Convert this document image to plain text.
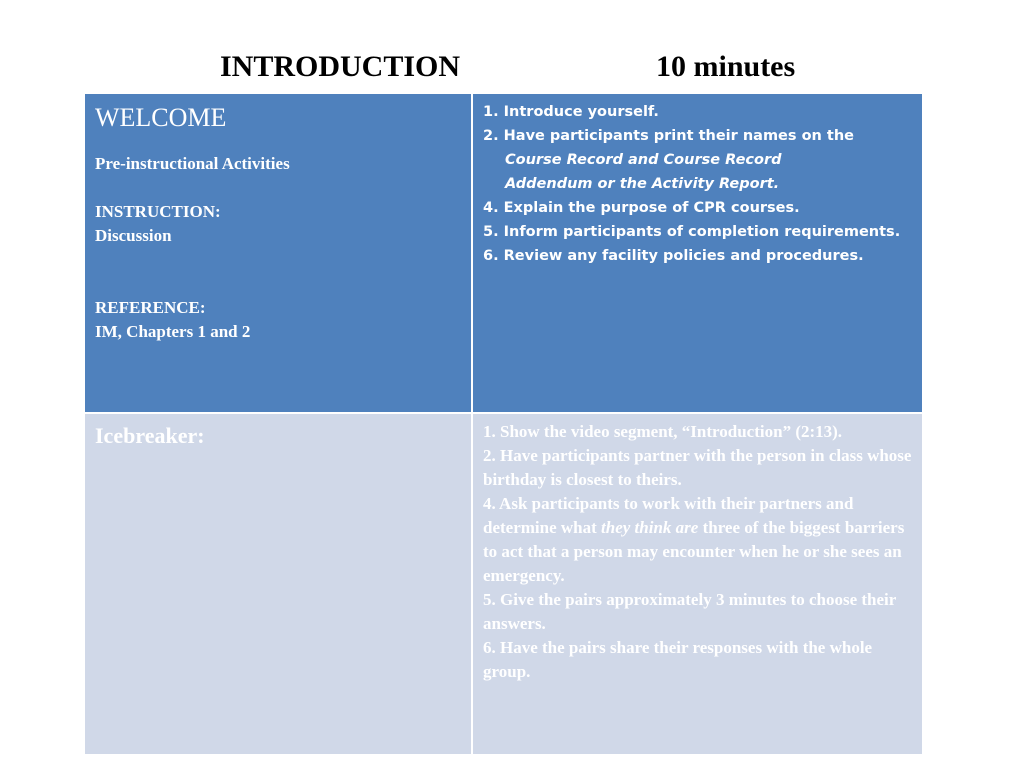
INTRODUCTION	10 minutes

WELCOME

Pre-instructional Activities

INSTRUCTION:

Discussion

REFERENCE:

IM, Chapters 1 and 2

1. Introduce yourself.

2. Have participants print their names on the

Course Record and Course Record

Addendum or the Activity Report.

4. Explain the purpose of CPR courses.

5. Inform participants of completion requirements.

6. Review any facility policies and procedures.

Icebreaker:	1. Show the video segment, “Introduction” (2:13).

2. Have participants partner with the person in class whose birthday is closest to theirs.

4. Ask participants to work with their partners and determine what they think are three of the biggest barriers to act that a person may encounter when he or she sees an emergency.

5. Give the pairs approximately 3 minutes to choose their answers.

6. Have the pairs share their responses with the whole group.
